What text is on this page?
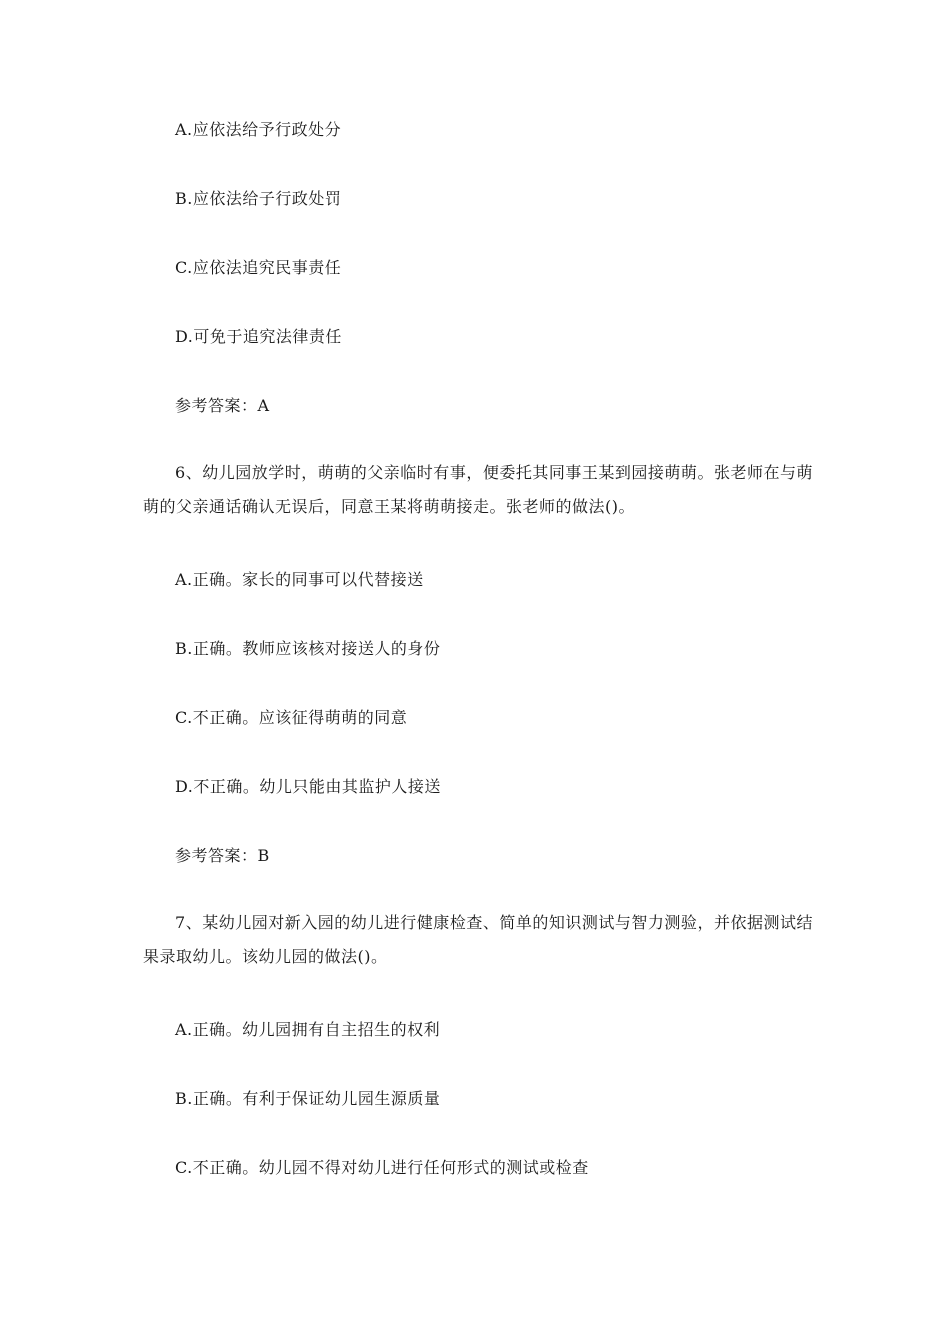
A.应依法给予行政处分
B.应依法给子行政处罚
C.应依法追究民事责任
D.可免于追究法律责任
参考答案：A
6、幼儿园放学时，萌萌的父亲临时有事，便委托其同事王某到园接萌萌。张老师在与萌萌的父亲通话确认无误后，同意王某将萌萌接走。张老师的做法()。
A.正确。家长的同事可以代替接送
B.正确。教师应该核对接送人的身份
C.不正确。应该征得萌萌的同意
D.不正确。幼儿只能由其监护人接送
参考答案：B
7、某幼儿园对新入园的幼儿进行健康检查、简单的知识测试与智力测验，并依据测试结果录取幼儿。该幼儿园的做法()。
A.正确。幼儿园拥有自主招生的权利
B.正确。有利于保证幼儿园生源质量
C.不正确。幼儿园不得对幼儿进行任何形式的测试或检查
